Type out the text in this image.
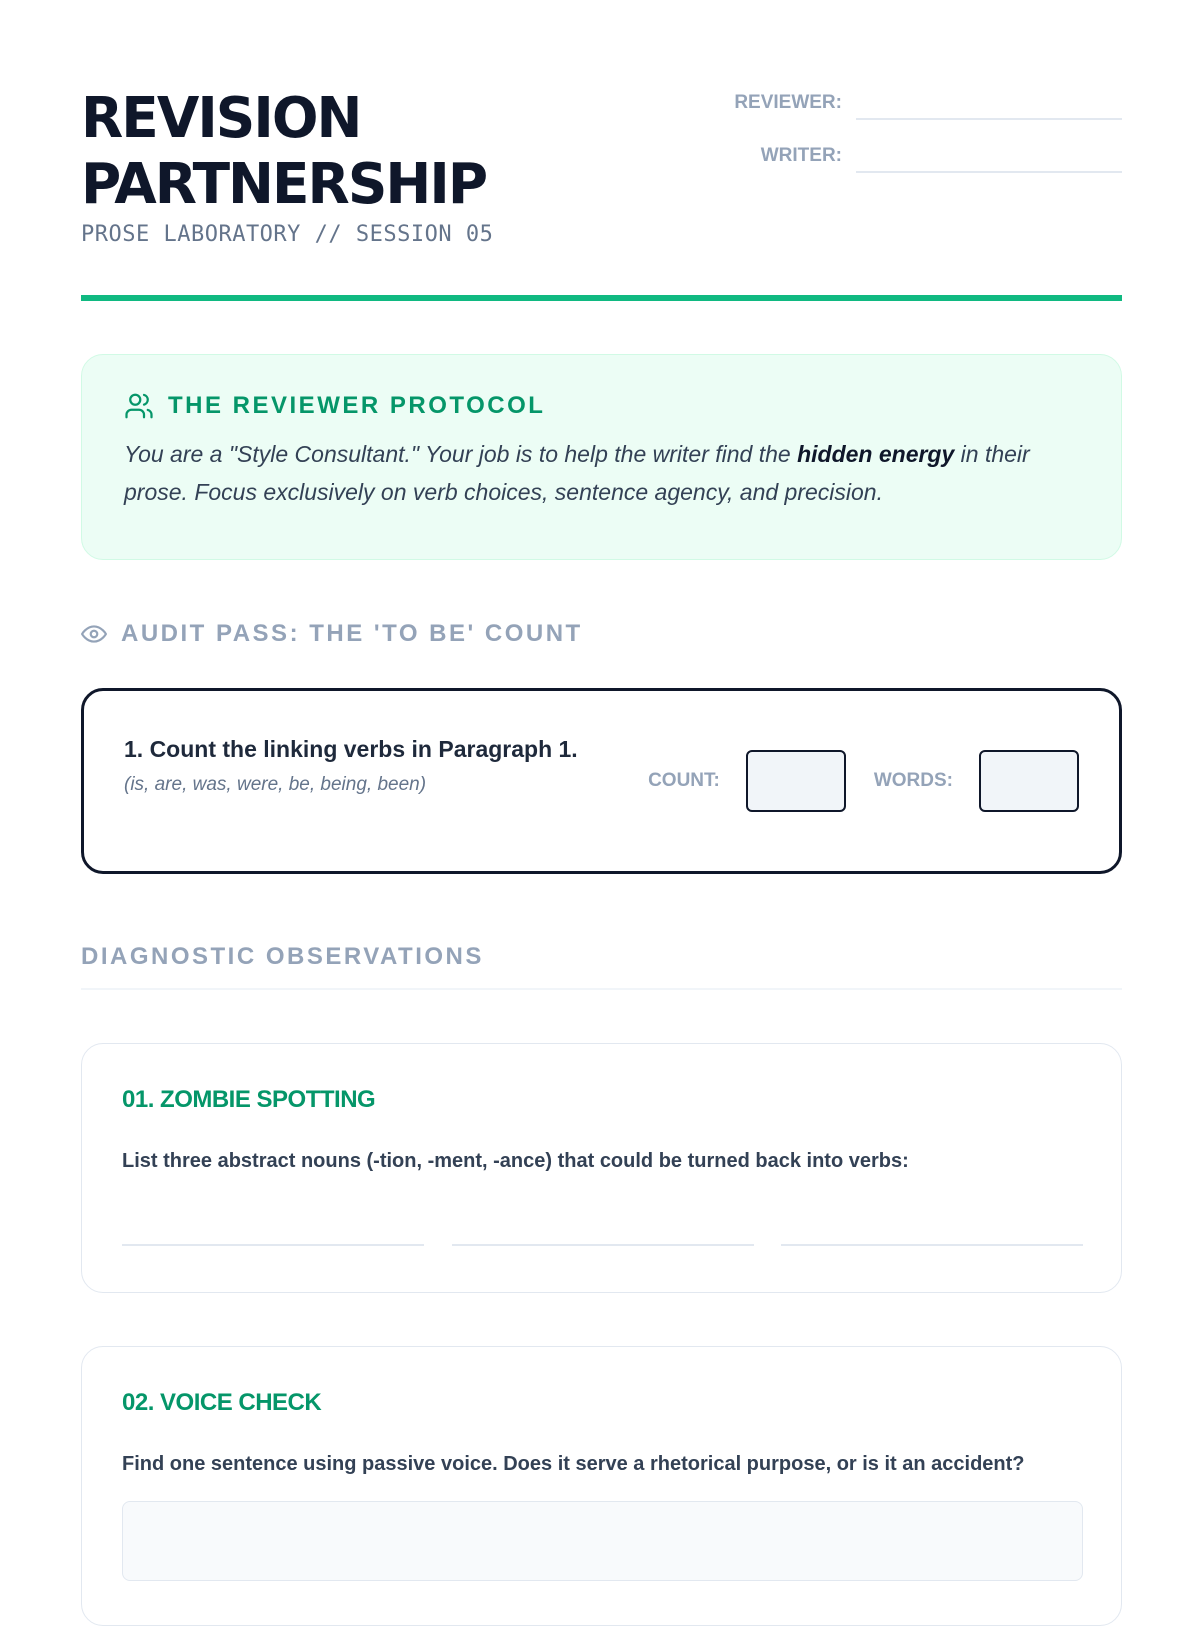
REVISION
PARTNERSHIP
PROSE LABORATORY // SESSION 05
REVIEWER:
WRITER:
THE REVIEWER PROTOCOL
You are a "Style Consultant." Your job is to help the writer find the hidden energy in their prose. Focus exclusively on verb choices, sentence agency, and precision.
AUDIT PASS: THE 'TO BE' COUNT
1. Count the linking verbs in Paragraph 1.
(is, are, was, were, be, being, been)	COUNT:	WORDS:
DIAGNOSTIC OBSERVATIONS
01. ZOMBIE SPOTTING
List three abstract nouns (-tion, -ment, -ance) that could be turned back into verbs:
02. VOICE CHECK
Find one sentence using passive voice. Does it serve a rhetorical purpose, or is it an accident?
